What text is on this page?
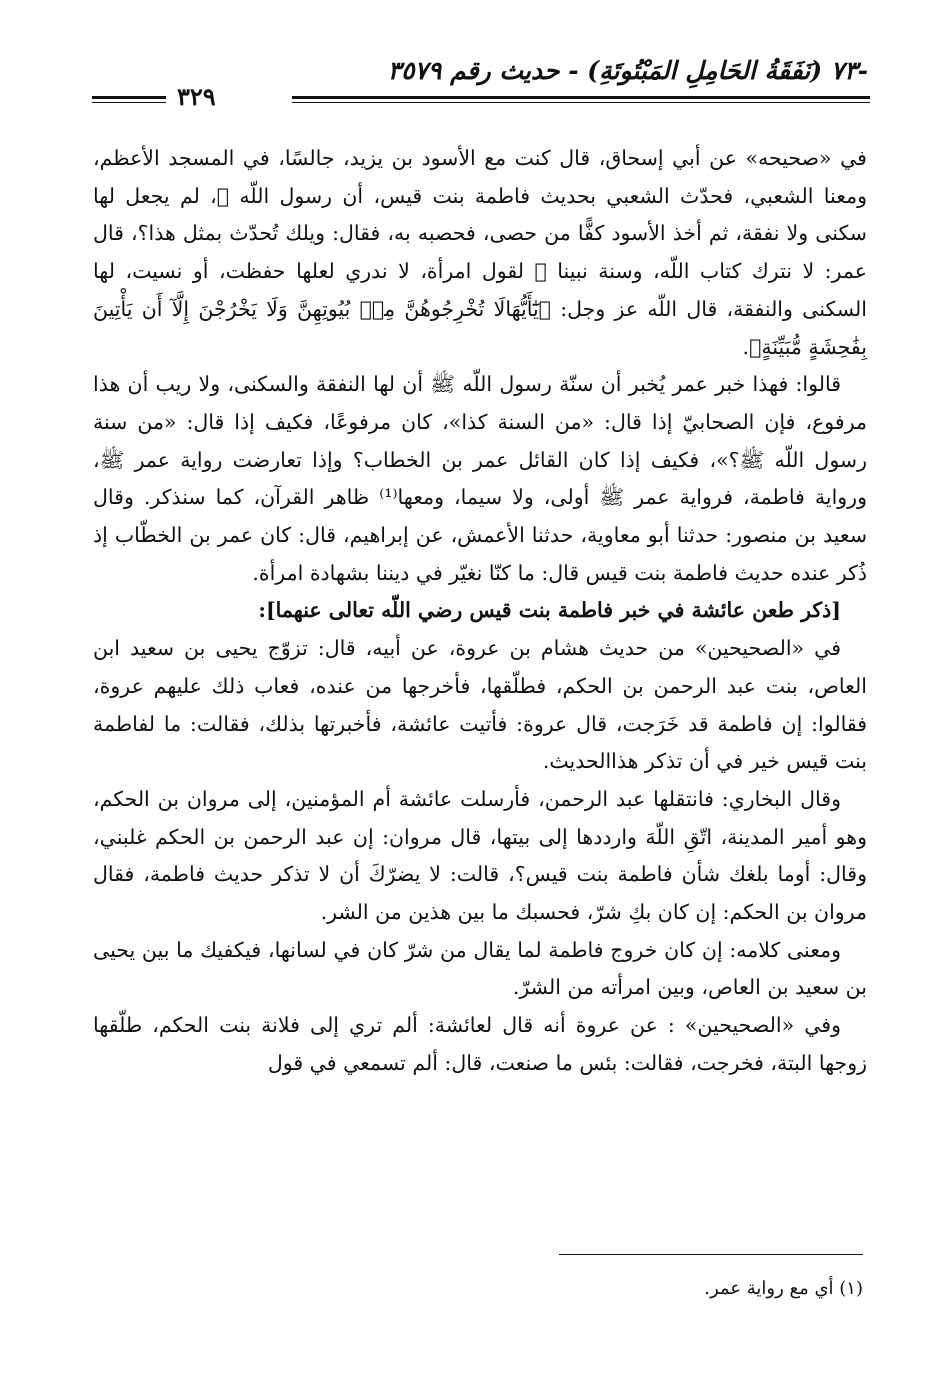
-٧٣ (نَفَقَةُ الحَامِلِ المَبْتُوتَةِ) - حديث رقم ٣٥٧٩
٣٢٩

في «صحيحه» عن أبي إسحاق، قال كنت مع الأسود بن يزيد، جالسًا، في المسجد الأعظم، ومعنا الشعبي، فحدّث الشعبي بحديث فاطمة بنت قيس، أن رسول اللّه ﷺ، لم يجعل لها سكنى ولا نفقة، ثم أخذ الأسود كفًّا من حصى، فحصبه به، فقال: ويلك تُحدّث بمثل هذا؟، قال عمر: لا نترك كتاب اللّه، وسنة نبينا ﷺ لقول امرأة، لا ندري لعلها حفظت، أو نسيت، لها السكنى والنفقة، قال اللّه عز وجل: ﴿يَٰٓأَيُّهَالَا تُخْرِجُوهُنَّ مِنۢ بُيُوتِهِنَّ وَلَا يَخْرُجْنَ إِلَّآ أَن يَأْتِينَ بِفَٰحِشَةٍ مُّبَيِّنَةٍ﴾.

قالوا: فهذا خبر عمر يُخبر أن سنّة رسول اللّه ﷺ أن لها النفقة والسكنى، ولا ريب أن هذا مرفوع، فإن الصحابيّ إذا قال: «من السنة كذا»، كان مرفوعًا، فكيف إذا قال: «من سنة رسول اللّه ﷺ؟»، فكيف إذا كان القائل عمر بن الخطاب؟ وإذا تعارضت رواية عمر ﷺ، ورواية فاطمة، فرواية عمر ﷺ أولى، ولا سيما، ومعها⁽¹⁾ ظاهر القرآن، كما سنذكر. وقال سعيد بن منصور: حدثنا أبو معاوية، حدثنا الأعمش، عن إبراهيم، قال: كان عمر بن الخطّاب إذ ذُكر عنده حديث فاطمة بنت قيس قال: ما كنّا نغيّر في ديننا بشهادة امرأة.

[ذكر طعن عائشة في خبر فاطمة بنت قيس رضي اللّه تعالى عنهما]:

في «الصحيحين» من حديث هشام بن عروة، عن أبيه، قال: تزوّج يحيى بن سعيد ابن العاص، بنت عبد الرحمن بن الحكم، فطلّقها، فأخرجها من عنده، فعاب ذلك عليهم عروة، فقالوا: إن فاطمة قد خَرَجت، قال عروة: فأتيت عائشة، فأخبرتها بذلك، فقالت: ما لفاطمة بنت قيس خير في أن تذكر هذاالحديث.

وقال البخاري: فانتقلها عبد الرحمن، فأرسلت عائشة أم المؤمنين، إلى مروان بن الحكم، وهو أمير المدينة، اتّقِ اللّهَ وارددها إلى بيتها، قال مروان: إن عبد الرحمن بن الحكم غلبني، وقال: أوما بلغك شأن فاطمة بنت قيس؟، قالت: لا يضرّكَ أن لا تذكر حديث فاطمة، فقال مروان بن الحكم: إن كان بكِ شرّ، فحسبك ما بين هذين من الشر.

ومعنى كلامه: إن كان خروج فاطمة لما يقال من شرّ كان في لسانها، فيكفيك ما بين يحيى بن سعيد بن العاص، وبين امرأته من الشرّ.

وفي «الصحيحين» : عن عروة أنه قال لعائشة: ألم تري إلى فلانة بنت الحكم، طلّقها زوجها البتة، فخرجت، فقالت: بئس ما صنعت، قال: ألم تسمعي في قول

(١) أي مع رواية عمر.
